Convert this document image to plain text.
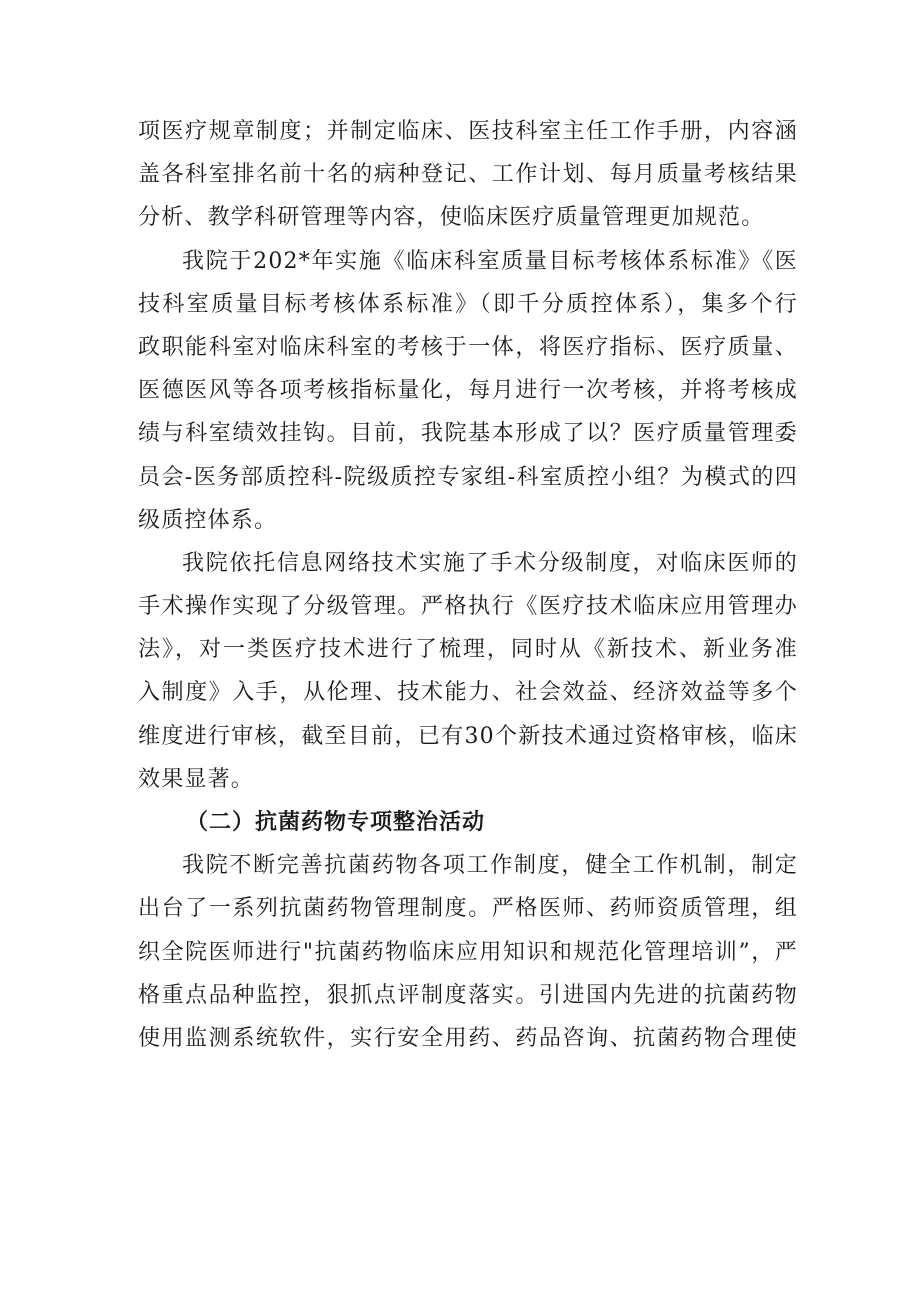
项医疗规章制度；并制定临床、医技科室主任工作手册，内容涵
盖各科室排名前十名的病种登记、工作计划、每月质量考核结果
分析、教学科研管理等内容，使临床医疗质量管理更加规范。
我院于202*年实施《临床科室质量目标考核体系标准》《医
技科室质量目标考核体系标准》（即千分质控体系），集多个行
政职能科室对临床科室的考核于一体，将医疗指标、医疗质量、
医德医风等各项考核指标量化，每月进行一次考核，并将考核成
绩与科室绩效挂钩。目前，我院基本形成了以？医疗质量管理委
员会-医务部质控科-院级质控专家组-科室质控小组？为模式的四
级质控体系。
我院依托信息网络技术实施了手术分级制度，对临床医师的
手术操作实现了分级管理。严格执行《医疗技术临床应用管理办
法》，对一类医疗技术进行了梳理，同时从《新技术、新业务准
入制度》入手，从伦理、技术能力、社会效益、经济效益等多个
维度进行审核，截至目前，已有30个新技术通过资格审核，临床
效果显著。
（二）抗菌药物专项整治活动
我院不断完善抗菌药物各项工作制度，健全工作机制，制定
出台了一系列抗菌药物管理制度。严格医师、药师资质管理，组
织全院医师进行"抗菌药物临床应用知识和规范化管理培训”，严
格重点品种监控，狠抓点评制度落实。引进国内先进的抗菌药物
使用监测系统软件，实行安全用药、药品咨询、抗菌药物合理使
